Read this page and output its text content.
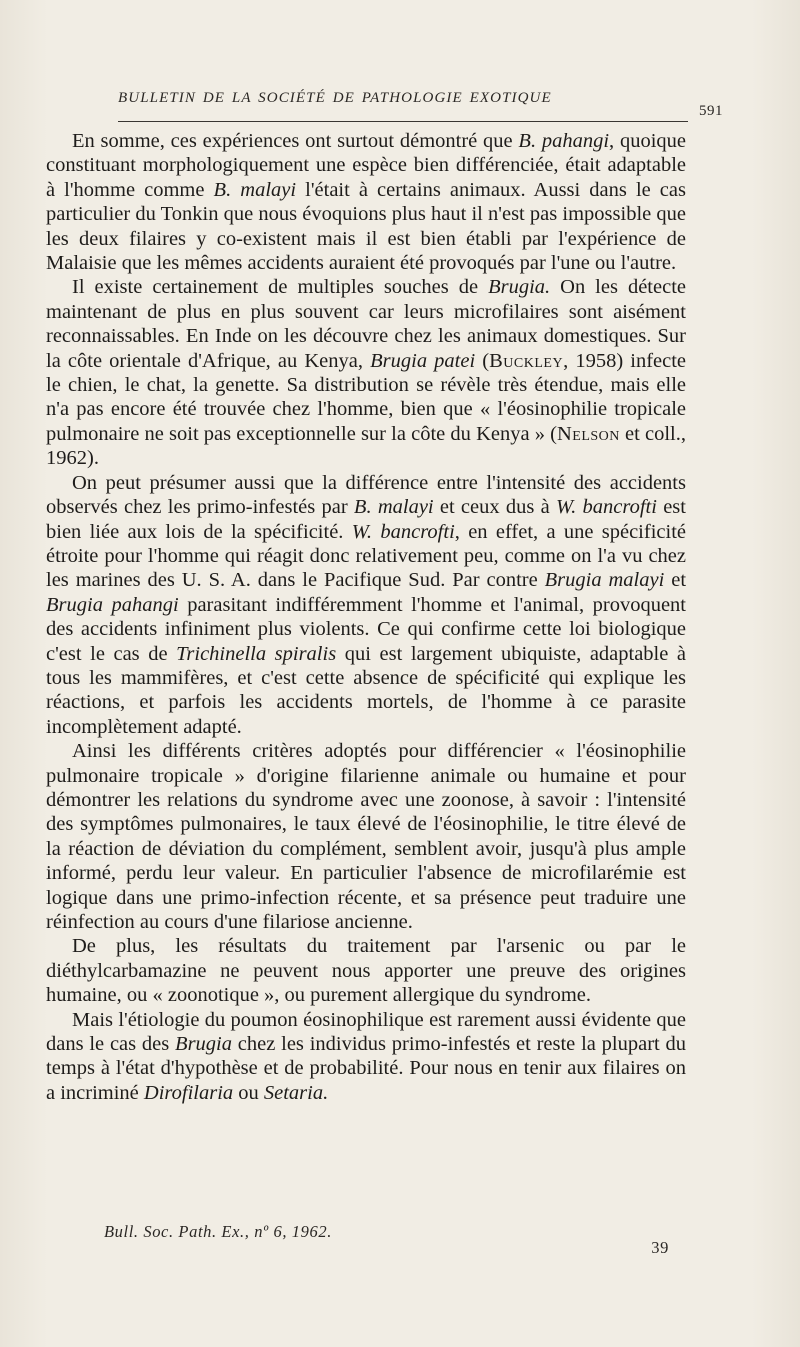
BULLETIN DE LA SOCIÉTÉ DE PATHOLOGIE EXOTIQUE
591

En somme, ces expériences ont surtout démontré que B. pahangi, quoique constituant morphologiquement une espèce bien différenciée, était adaptable à l'homme comme B. malayi l'était à certains animaux. Aussi dans le cas particulier du Tonkin que nous évoquions plus haut il n'est pas impossible que les deux filaires y co-existent mais il est bien établi par l'expérience de Malaisie que les mêmes accidents auraient été provoqués par l'une ou l'autre.

Il existe certainement de multiples souches de Brugia. On les détecte maintenant de plus en plus souvent car leurs microfilaires sont aisément reconnaissables. En Inde on les découvre chez les animaux domestiques. Sur la côte orientale d'Afrique, au Kenya, Brugia patei (Buckley, 1958) infecte le chien, le chat, la genette. Sa distribution se révèle très étendue, mais elle n'a pas encore été trouvée chez l'homme, bien que « l'éosinophilie tropicale pulmonaire ne soit pas exceptionnelle sur la côte du Kenya » (Nelson et coll., 1962).

On peut présumer aussi que la différence entre l'intensité des accidents observés chez les primo-infestés par B. malayi et ceux dus à W. bancrofti est bien liée aux lois de la spécificité. W. bancrofti, en effet, a une spécificité étroite pour l'homme qui réagit donc relativement peu, comme on l'a vu chez les marines des U. S. A. dans le Pacifique Sud. Par contre Brugia malayi et Brugia pahangi parasitant indifféremment l'homme et l'animal, provoquent des accidents infiniment plus violents. Ce qui confirme cette loi biologique c'est le cas de Trichinella spiralis qui est largement ubiquiste, adaptable à tous les mammifères, et c'est cette absence de spécificité qui explique les réactions, et parfois les accidents mortels, de l'homme à ce parasite incomplètement adapté.

Ainsi les différents critères adoptés pour différencier « l'éosinophilie pulmonaire tropicale » d'origine filarienne animale ou humaine et pour démontrer les relations du syndrome avec une zoonose, à savoir : l'intensité des symptômes pulmonaires, le taux élevé de l'éosinophilie, le titre élevé de la réaction de déviation du complément, semblent avoir, jusqu'à plus ample informé, perdu leur valeur. En particulier l'absence de microfilarémie est logique dans une primo-infection récente, et sa présence peut traduire une réinfection au cours d'une filariose ancienne.

De plus, les résultats du traitement par l'arsenic ou par le diéthylcarbamazine ne peuvent nous apporter une preuve des origines humaine, ou « zoonotique », ou purement allergique du syndrome.

Mais l'étiologie du poumon éosinophilique est rarement aussi évidente que dans le cas des Brugia chez les individus primo-infestés et reste la plupart du temps à l'état d'hypothèse et de probabilité. Pour nous en tenir aux filaires on a incriminé Dirofilaria ou Setaria.

Bull. Soc. Path. Ex., nº 6, 1962.
39
